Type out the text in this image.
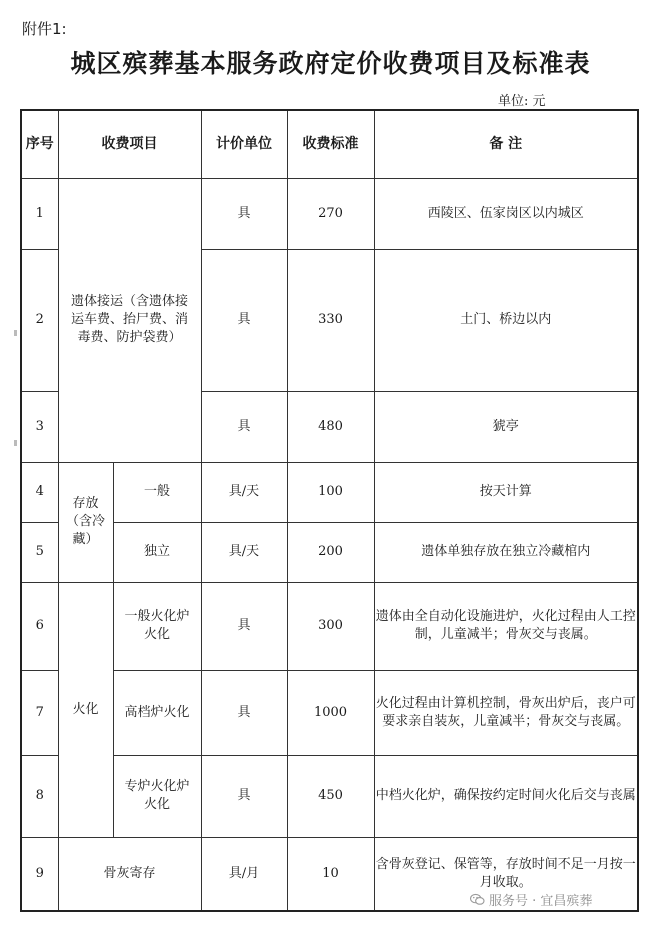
附件1:
城区殡葬基本服务政府定价收费项目及标准表
单位: 元
序号	收费项目		计价单位	收费标准	备 注
1	遗体接运（含遗体接运车费、抬尸费、消毒费、防护袋费）		具	270	西陵区、伍家岗区以内城区
2			具	330	土门、桥边以内
3			具	480	猇亭
4	存放（含冷藏）	一般	具/天	100	按天计算
5		独立	具/天	200	遗体单独存放在独立冷藏棺内
6	火化	一般火化炉火化	具	300	遗体由全自动化设施进炉，火化过程由人工控制，儿童减半；骨灰交与丧属。
7		高档炉火化	具	1000	火化过程由计算机控制，骨灰出炉后，丧户可要求亲自装灰，儿童减半；骨灰交与丧属。
8		专炉火化炉火化	具	450	中档火化炉，确保按约定时间火化后交与丧属
9	骨灰寄存		具/月	10	含骨灰登记、保管等，存放时间不足一月按一月收取。
服务号 · 宜昌殡葬
